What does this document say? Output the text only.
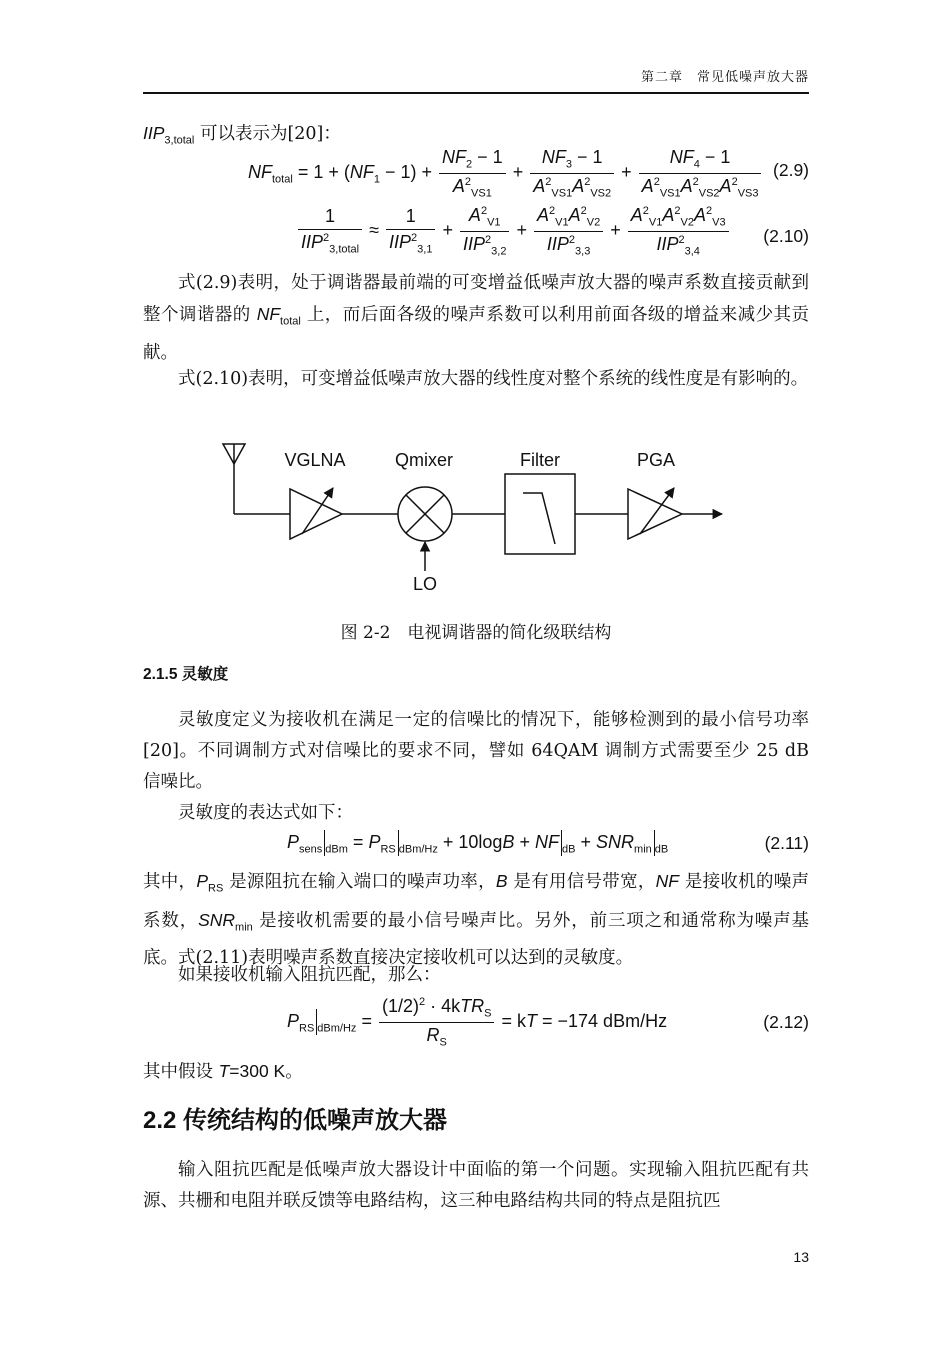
第二章　常见低噪声放大器
$IIP_{3,total}$ 可以表示为[20]：
$NF_{total} = 1 + (NF_1 - 1) + \frac{NF_2 - 1}{A^2_{VS1}} + \frac{NF_3 - 1}{A^2_{VS1}A^2_{VS2}} + \frac{NF_4 - 1}{A^2_{VS1}A^2_{VS2}A^2_{VS3}} (2.9)$
$\frac{1}{IIP^2_{3,total}} \approx \frac{1}{IIP^2_{3,1}} + \frac{A^2_{V1}}{IIP^2_{3,2}} + \frac{A^2_{V1}A^2_{V2}}{IIP^2_{3,3}} + \frac{A^2_{V1}A^2_{V2}A^2_{V3}}{IIP^2_{3,4}} (2.10)$

式(2.9)表明，处于调谐器最前端的可变增益低噪声放大器的噪声系数直接贡献到整个调谐器的 $NF_{total}$ 上，而后面各级的噪声系数可以利用前面各级的增益来减少其贡献。

式(2.10)表明，可变增益低噪声放大器的线性度对整个系统的线性度是有影响的。

VGLNA	Qmixer	Filter	PGA
LO
图 2-2　电视调谐器的简化级联结构
2.1.5 灵敏度

灵敏度定义为接收机在满足一定的信噪比的情况下，能够检测到的最小信号功率[20]。不同调制方式对信噪比的要求不同，譬如 64QAM 调制方式需要至少 25 dB 信噪比。

灵敏度的表达式如下：

$P_{sens}$ $_{dBm} = P_{RS}$ $_{dBm/Hz}$ + 10logB + NF $_{dB} + SNR_{min}$ $_{dB}$	(2.11)

其中，$P_{RS}$ 是源阻抗在输入端口的噪声功率，B 是有用信号带宽，NF 是接收机的噪声系数，$SNR_{min}$ 是接收机需要的最小信号噪声比。另外，前三项之和通常称为噪声基底。式(2.11)表明噪声系数直接决定接收机可以达到的灵敏度。

如果接收机输入阻抗匹配，那么：

$P_{RS}$ $_{dBm/Hz} = \frac{(1/2)^2 \cdot 4kTR_S}{R_S}$ = kT = −174 dBm/Hz	(2.12)

其中假设 T=300 K。

2.2 传统结构的低噪声放大器

输入阻抗匹配是低噪声放大器设计中面临的第一个问题。实现输入阻抗匹配有共源、共栅和电阻并联反馈等电路结构，这三种电路结构共同的特点是阻抗匹

13
